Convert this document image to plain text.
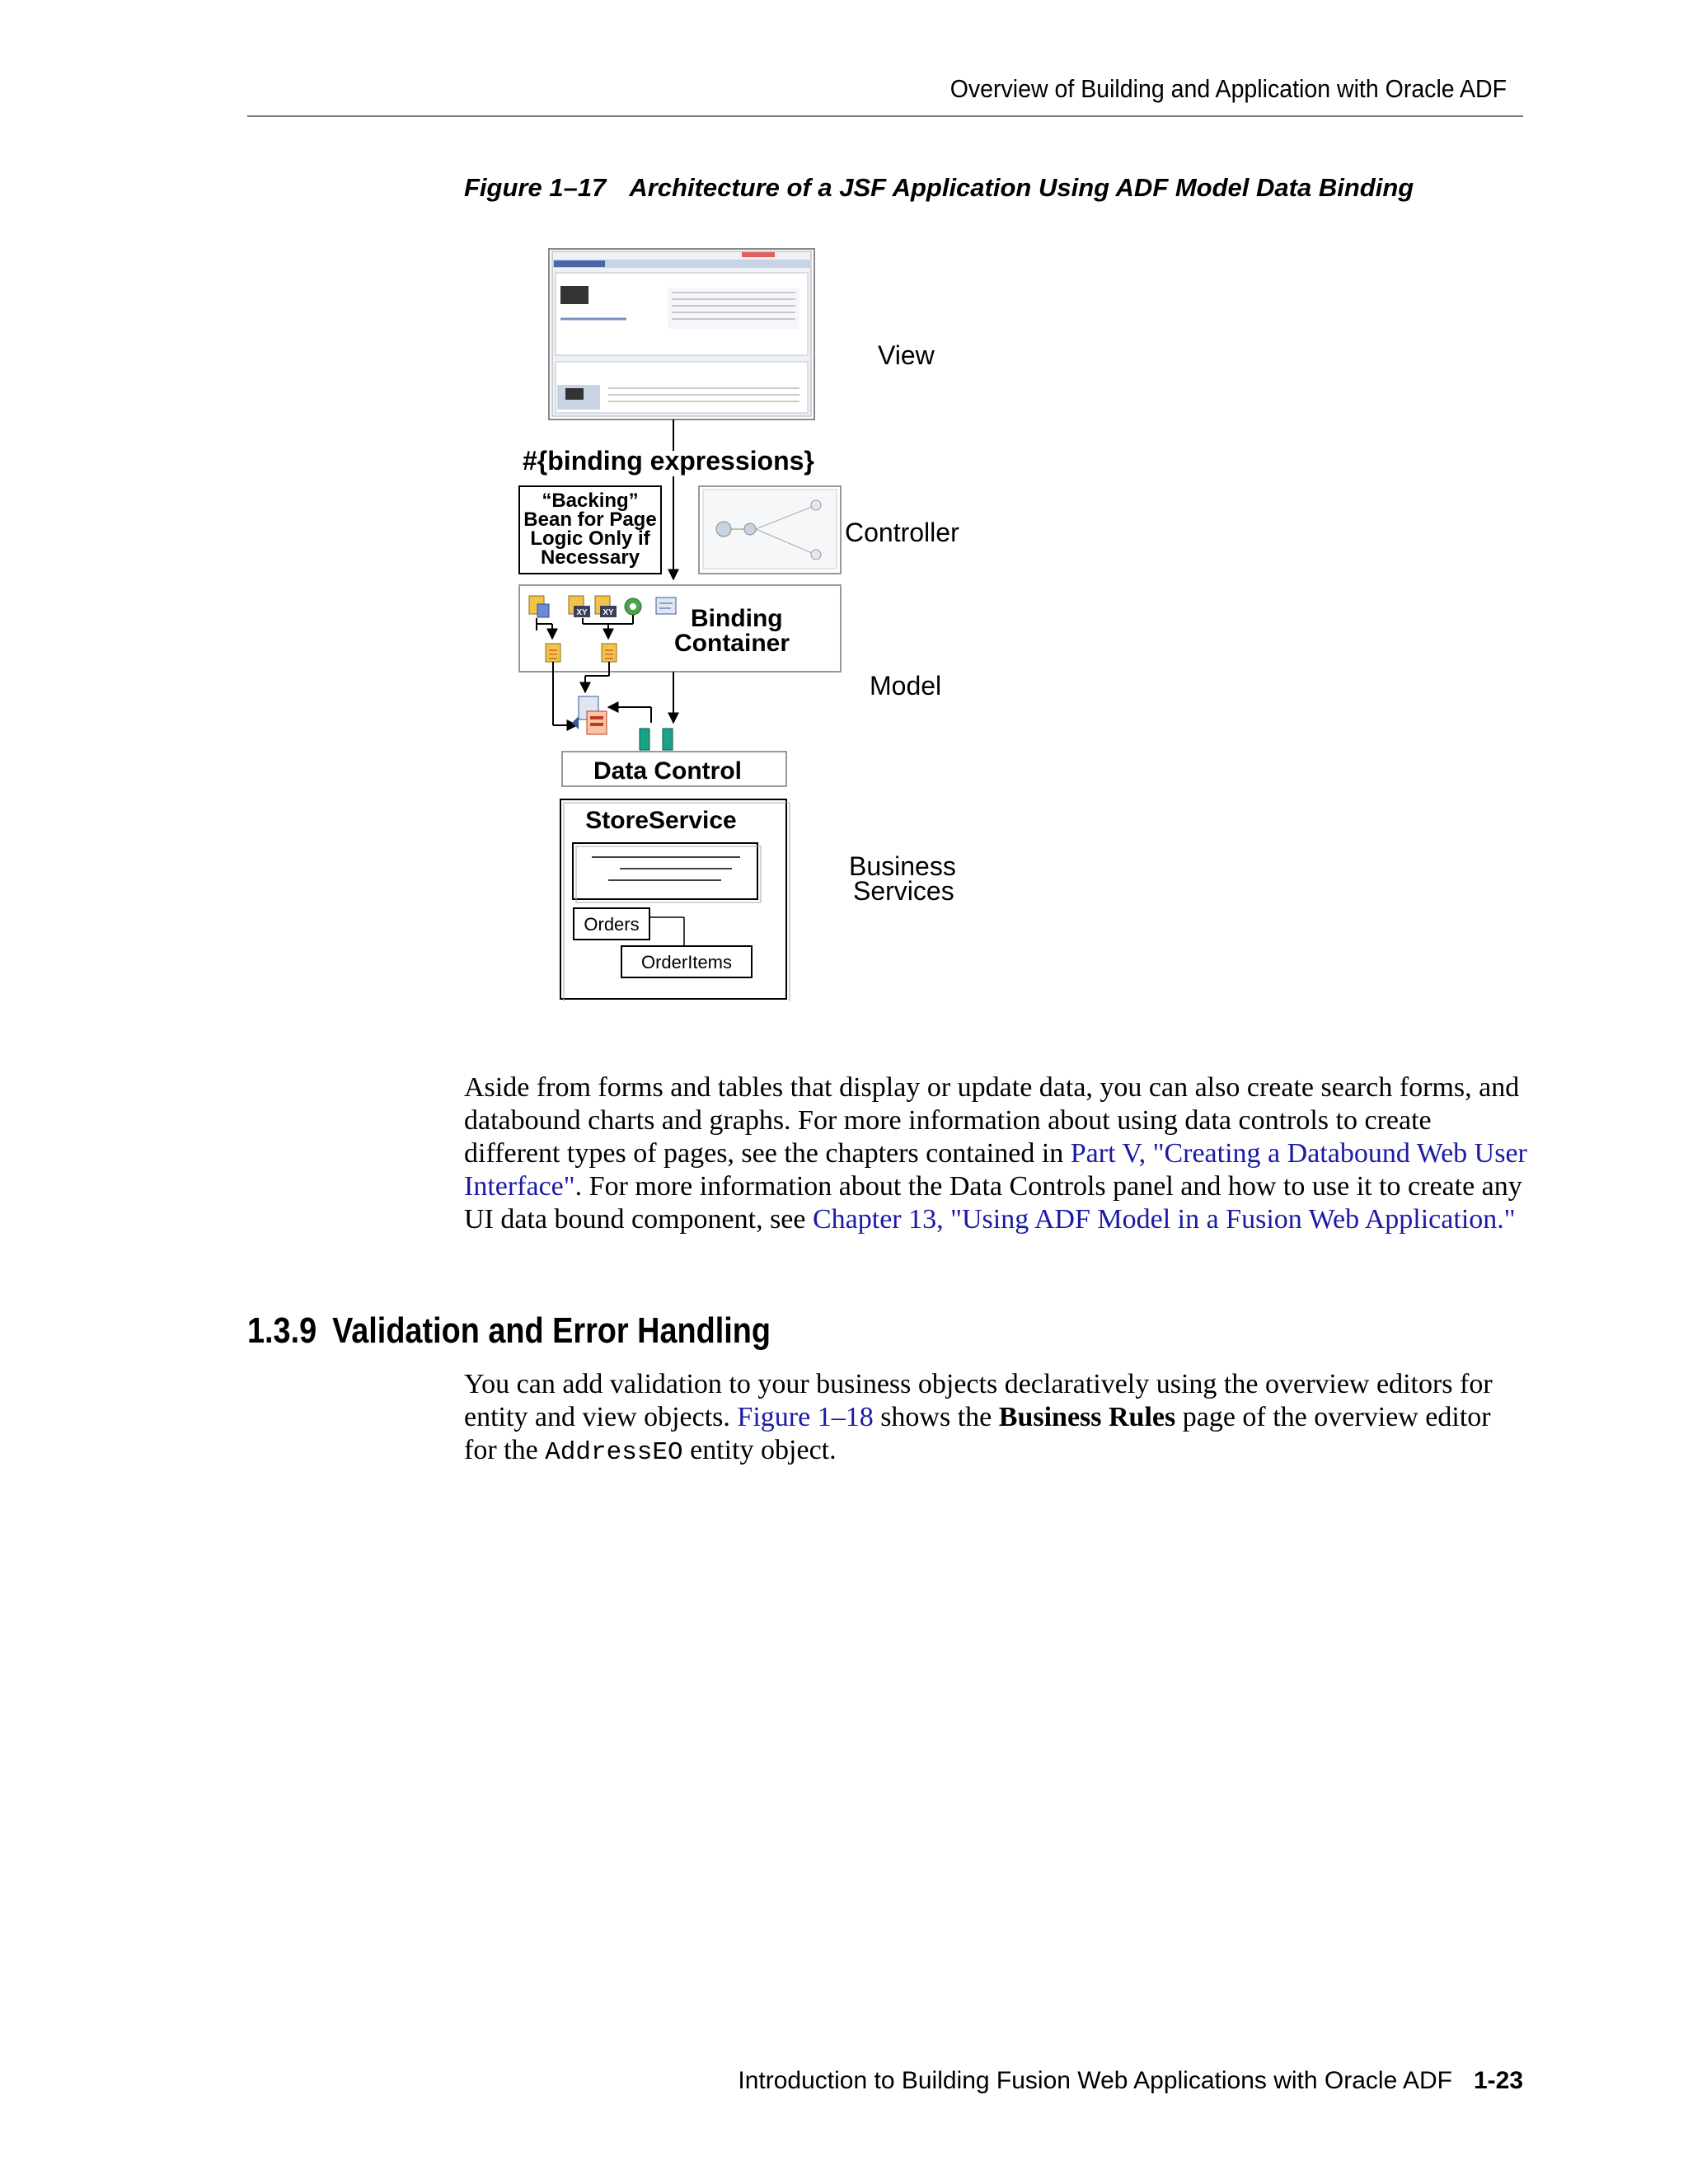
Overview of Building and Application with Oracle ADF
Figure 1–17 Architecture of a JSF Application Using ADF Model Data Binding
View
#{binding expressions}
“Backing”
Bean for Page
Logic Only if
Necessary
Controller
XY XY	Binding
Container
Model
Data Control
StoreService
Orders
OrderItems
Business
Services
Aside from forms and tables that display or update data, you can also create search forms, and databound charts and graphs. For more information about using data controls to create different types of pages, see the chapters contained in Part V, "Creating a Databound Web User Interface". For more information about the Data Controls panel and how to use it to create any UI data bound component, see Chapter 13, "Using ADF Model in a Fusion Web Application."
1.3.9 Validation and Error Handling
You can add validation to your business objects declaratively using the overview editors for entity and view objects. Figure 1–18 shows the Business Rules page of the overview editor for the AddressEO entity object.
Introduction to Building Fusion Web Applications with Oracle ADF 1-23
